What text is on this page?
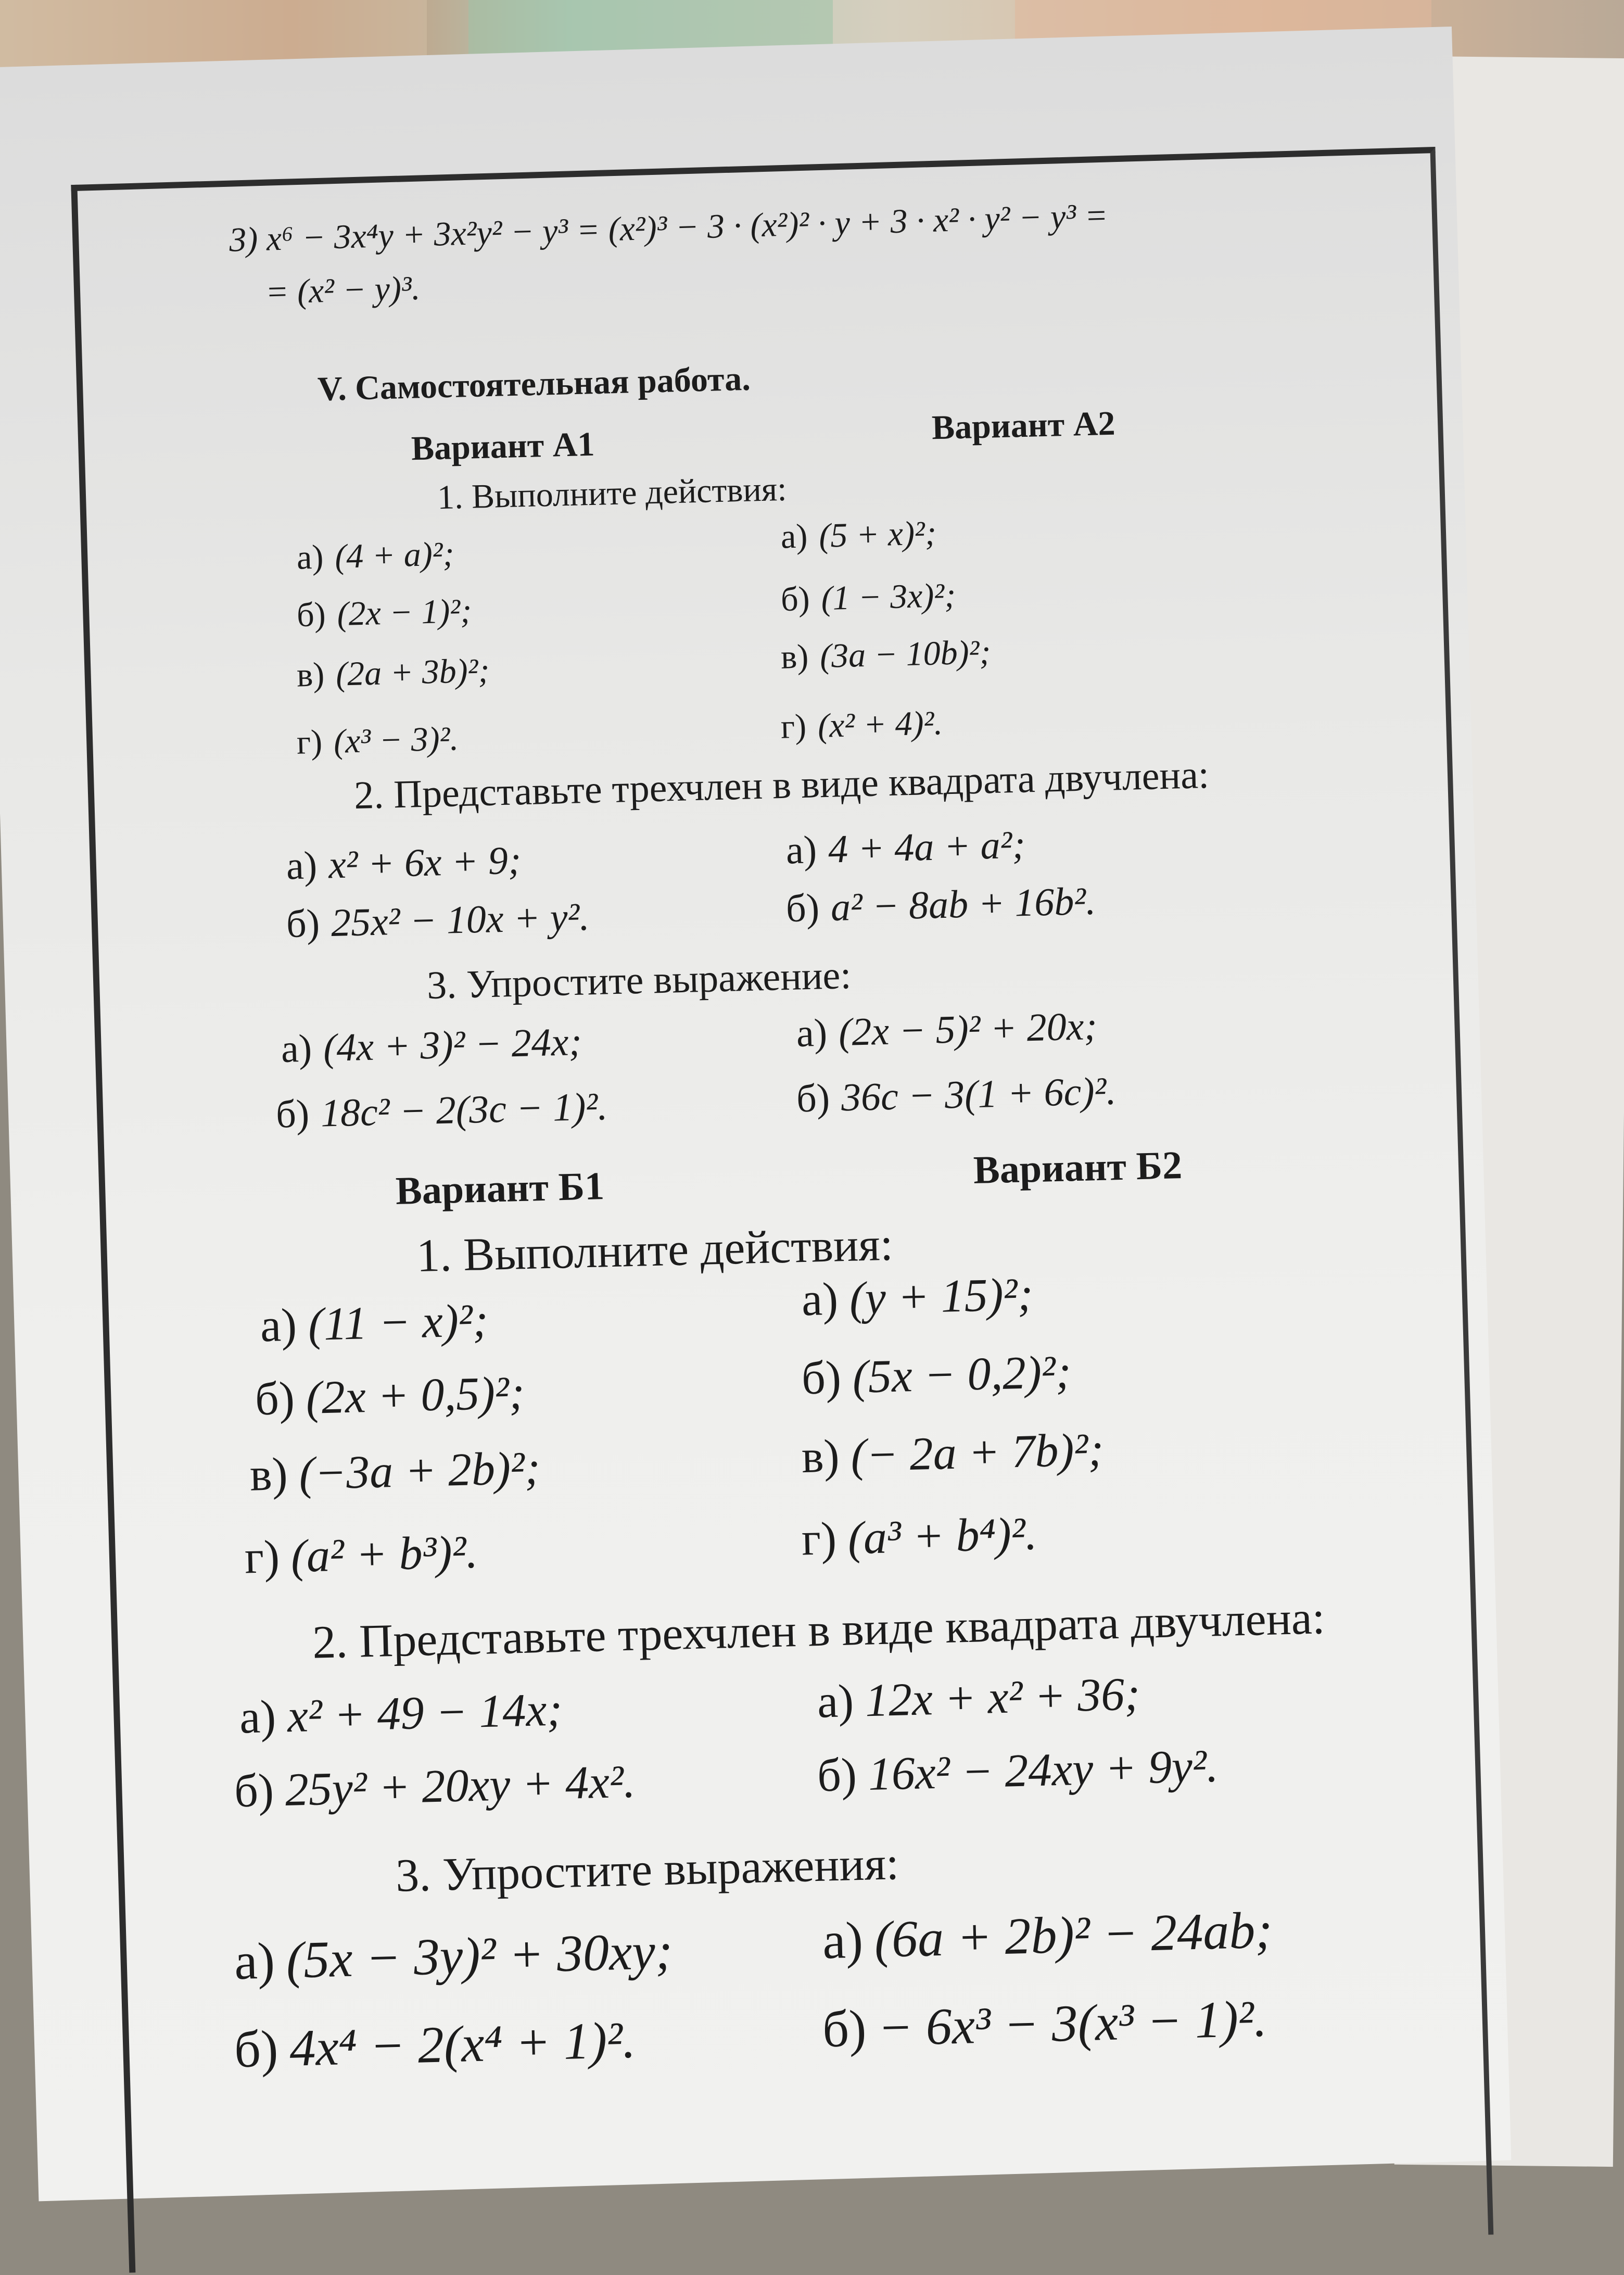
3) x⁶ − 3x⁴y + 3x²y² − y³ = (x²)³ − 3 · (x²)² · y + 3 · x² · y² − y³ =
= (x² − y)³.
V. Самостоятельная работа.
Вариант А1	Вариант А2
1. Выполните действия:
а) (4 + a)²;
б) (2x − 1)²;
в) (2a + 3b)²;
г) (x³ − 3)².
а) (5 + x)²;
б) (1 − 3x)²;
в) (3a − 10b)²;
г) (x² + 4)².
2. Представьте трехчлен в виде квадрата двучлена:
а) x² + 6x + 9;
б) 25x² − 10x + y².
а) 4 + 4a + a²;
б) a² − 8ab + 16b².
3. Упростите выражение:
а) (4x + 3)² − 24x;
б) 18c² − 2(3c − 1)².
а) (2x − 5)² + 20x;
б) 36c − 3(1 + 6c)².
Вариант Б1	Вариант Б2
1. Выполните действия:
а) (11 − x)²;
б) (2x + 0,5)²;
в) (−3a + 2b)²;
г) (a² + b³)².
а) (y + 15)²;
б) (5x − 0,2)²;
в) (− 2a + 7b)²;
г) (a³ + b⁴)².
2. Представьте трехчлен в виде квадрата двучлена:
а) x² + 49 − 14x;
б) 25y² + 20xy + 4x².
а) 12x + x² + 36;
б) 16x² − 24xy + 9y².
3. Упростите выражения:
а) (5x − 3y)² + 30xy;
б) 4x⁴ − 2(x⁴ + 1)².
а) (6a + 2b)² − 24ab;
б) − 6x³ − 3(x³ − 1)².
